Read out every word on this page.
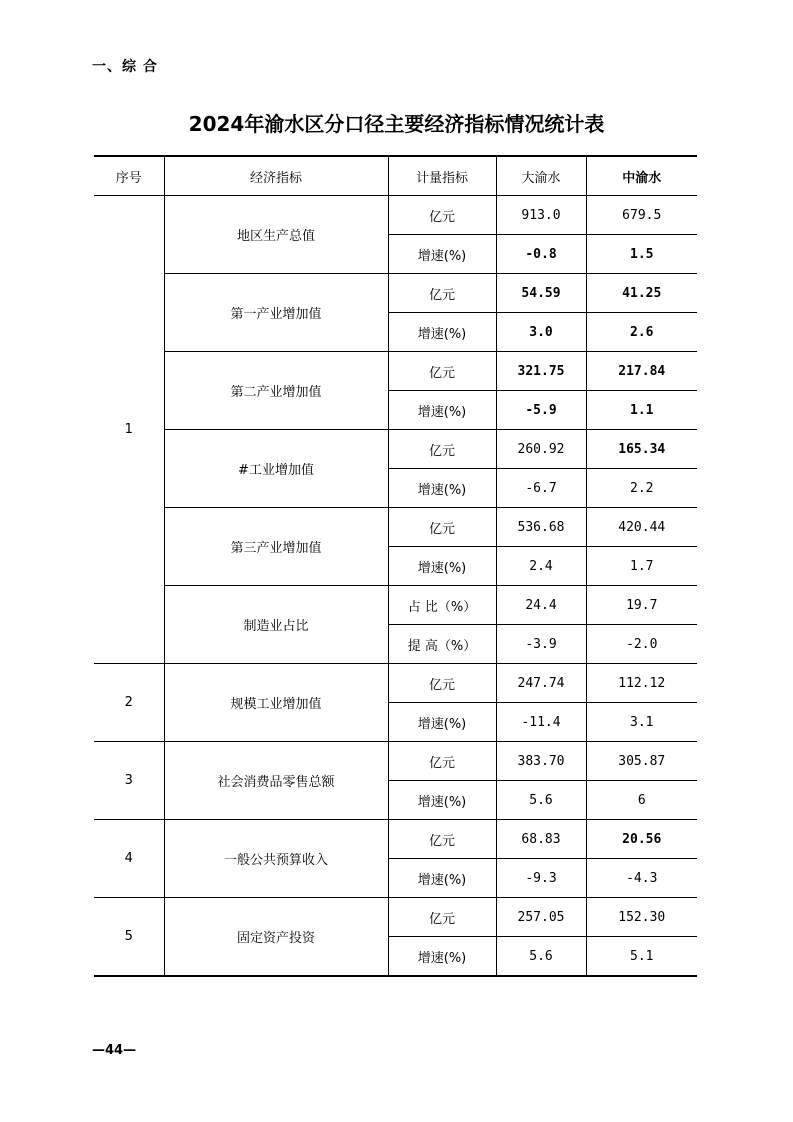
一、综 合
2024年渝水区分口径主要经济指标情况统计表
序号	经济指标	计量指标	大渝水	中渝水
1	地区生产总值	亿元	913.0	679.5
		增速(%)	-0.8	1.5
	第一产业增加值	亿元	54.59	41.25
		增速(%)	3.0	2.6
	第二产业增加值	亿元	321.75	217.84
		增速(%)	-5.9	1.1
	#工业增加值	亿元	260.92	165.34
		增速(%)	-6.7	2.2
	第三产业增加值	亿元	536.68	420.44
		增速(%)	2.4	1.7
	制造业占比	占 比（%）	24.4	19.7
		提 高（%）	-3.9	-2.0
2	规模工业增加值	亿元	247.74	112.12
		增速(%)	-11.4	3.1
3	社会消费品零售总额	亿元	383.70	305.87
		增速(%)	5.6	6
4	一般公共预算收入	亿元	68.83	20.56
		增速(%)	-9.3	-4.3
5	固定资产投资	亿元	257.05	152.30
		增速(%)	5.6	5.1
—44—
